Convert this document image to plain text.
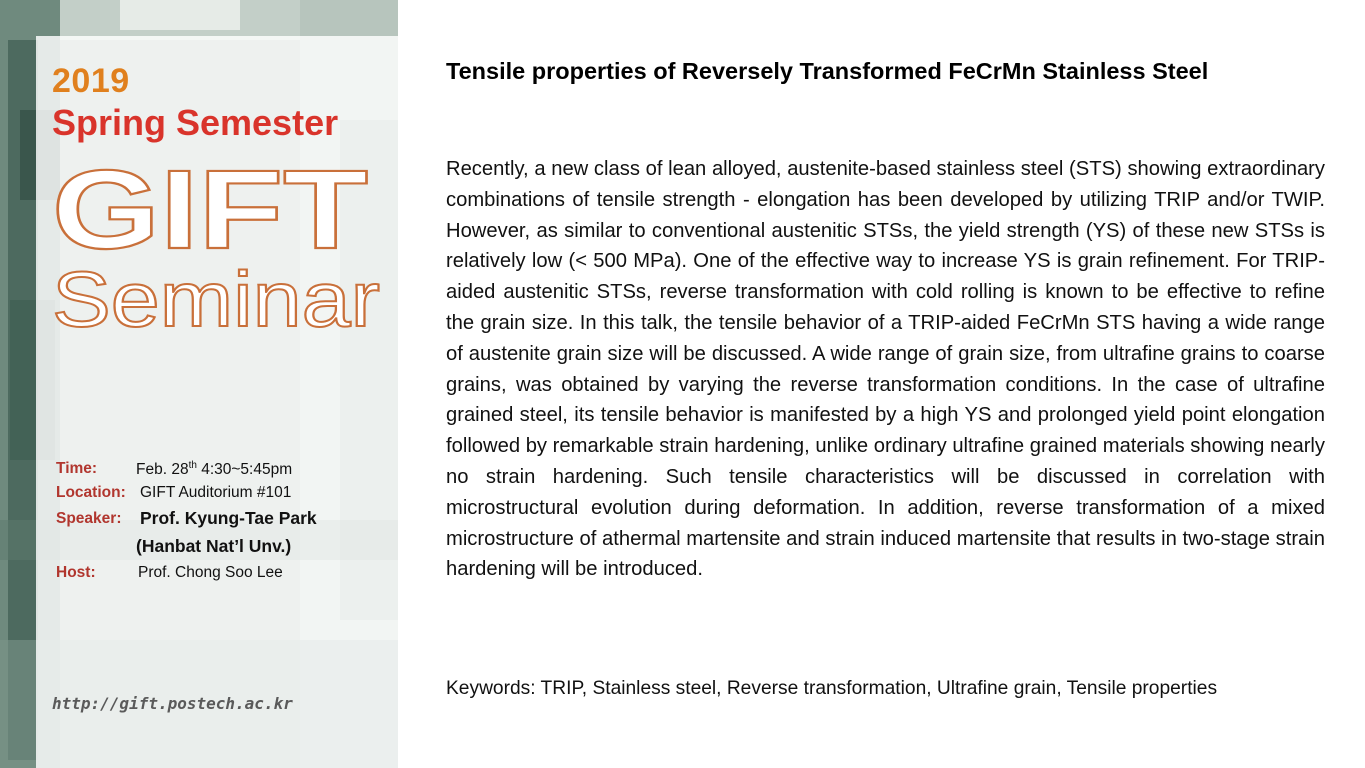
2019
Spring Semester
GIFT
Seminar
Time:	Feb. 28th 4:30~5:45pm
Location: GIFT Auditorium #101
Speaker: Prof. Kyung-Tae Park
(Hanbat Nat’l Unv.)
Host:	Prof. Chong Soo Lee
http://gift.postech.ac.kr
Tensile properties of Reversely Transformed FeCrMn Stainless Steel

Recently, a new class of lean alloyed, austenite-based stainless steel (STS) showing extraordinary combinations of tensile strength - elongation has been developed by utilizing TRIP and/or TWIP. However, as similar to conventional austenitic STSs, the yield strength (YS) of these new STSs is relatively low (< 500 MPa). One of the effective way to increase YS is grain refinement. For TRIP-aided austenitic STSs, reverse transformation with cold rolling is known to be effective to refine the grain size. In this talk, the tensile behavior of a TRIP-aided FeCrMn STS having a wide range of austenite grain size will be discussed. A wide range of grain size, from ultrafine grains to coarse grains, was obtained by varying the reverse transformation conditions. In the case of ultrafine grained steel, its tensile behavior is manifested by a high YS and prolonged yield point elongation followed by remarkable strain hardening, unlike ordinary ultrafine grained materials showing nearly no strain hardening. Such tensile characteristics will be discussed in correlation with microstructural evolution during deformation. In addition, reverse transformation of a mixed microstructure of athermal martensite and strain induced martensite that results in two-stage strain hardening will be introduced.

Keywords: TRIP, Stainless steel, Reverse transformation, Ultrafine grain, Tensile properties
